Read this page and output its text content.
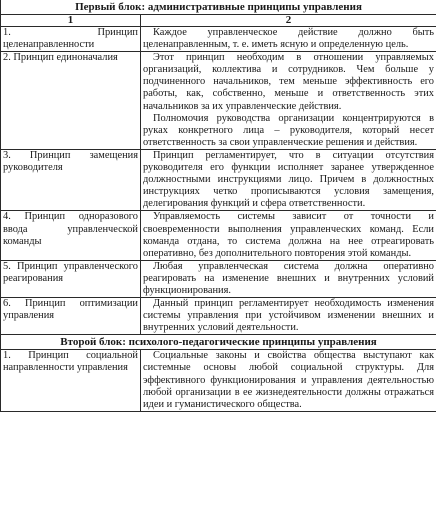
Первый блок: административные принципы управления	
1	2
1. Принцип целенаправленности	Каждое управленческое действие должно быть целенаправленным, т. е. иметь ясную и определенную цель.

2. Принцип единоначалия	Этот принцип необходим в отношении управляемых организаций, коллектива и сотрудников. Чем больше у подчиненного начальников, тем меньше эффективность его работы, как, собственно, меньше и ответственность этих начальников за их управленческие действия.

Полномочия руководства организации концентрируются в руках конкретного лица – руководителя, который несет ответственность за свои управленческие решения и действия.

3. Принцип замещения руководителя	Принцип регламентирует, что в ситуации отсутствия руководителя его функции исполняет заранее утвержденное должностными инструкциями лицо. Причем в должностных инструкциях четко прописываются условия замещения, делегирования функций и сфера ответственности.

4. Принцип одноразового ввода управленческой команды	Управляемость системы зависит от точности и своевременности выполнения управленческих команд. Если команда отдана, то система должна на нее отреагировать оперативно, без дополнительного повторения этой команды.

5. Принцип управленческого реагирования	Любая управленческая система должна оперативно реагировать на изменение внешних и внутренних условий функционирования.

6. Принцип оптимизации управления	Данный принцип регламентирует необходимость изменения системы управления при устойчивом изменении внешних и внутренних условий деятельности.

Второй блок: психолого-педагогические принципы управления	
1. Принцип социальной направленности управления	Социальные законы и свойства общества выступают как системные основы любой социальной структуры. Для эффективного функционирования и управления деятельностью любой организации в ее жизнедеятельности должны отражаться идеи и гуманистического общества.
